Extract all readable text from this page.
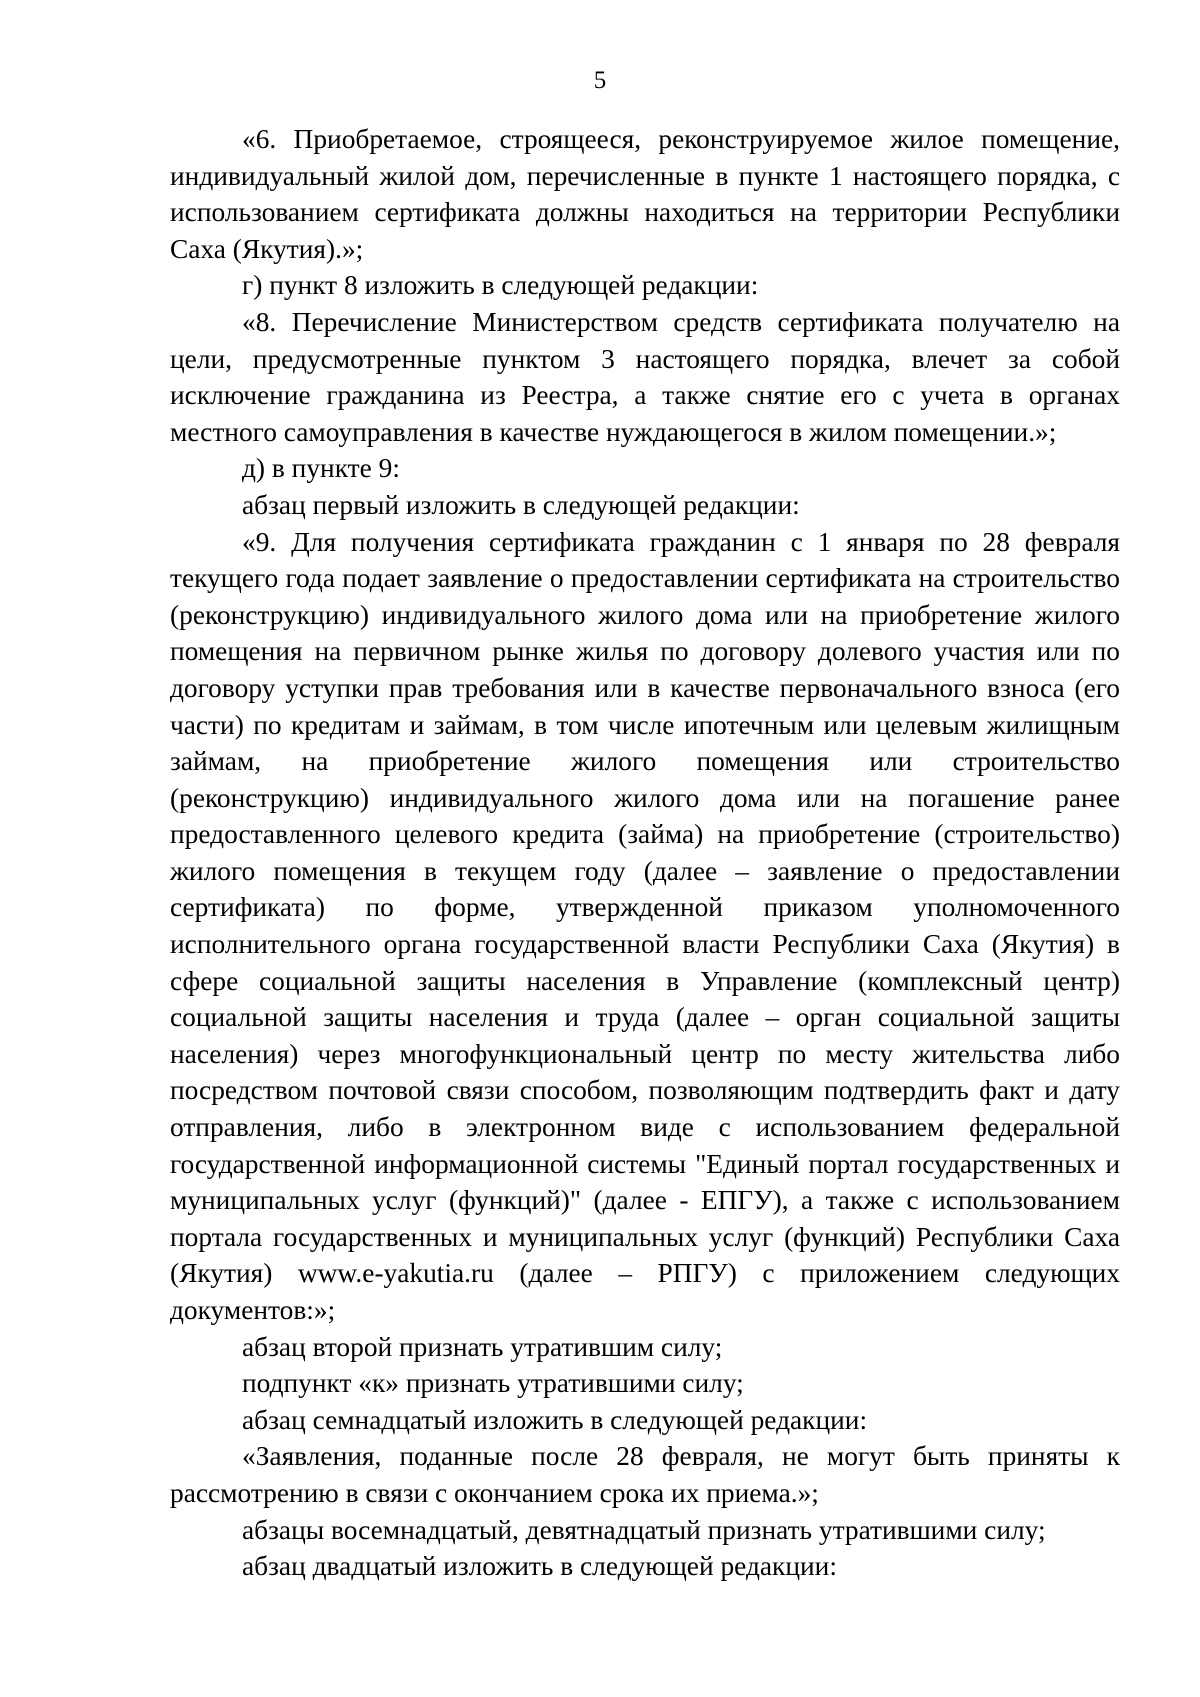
5

«6. Приобретаемое, строящееся, реконструируемое жилое помещение, индивидуальный жилой дом, перечисленные в пункте 1 настоящего порядка, с использованием сертификата должны находиться на территории Республики Саха (Якутия).»;

г) пункт 8 изложить в следующей редакции:

«8. Перечисление Министерством средств сертификата получателю на цели, предусмотренные пунктом 3 настоящего порядка, влечет за собой исключение гражданина из Реестра, а также снятие его с учета в органах местного самоуправления в качестве нуждающегося в жилом помещении.»;

д) в пункте 9:

абзац первый изложить в следующей редакции:

«9. Для получения сертификата гражданин с 1 января по 28 февраля текущего года подает заявление о предоставлении сертификата на строительство (реконструкцию) индивидуального жилого дома или на приобретение жилого помещения на первичном рынке жилья по договору долевого участия или по договору уступки прав требования или в качестве первоначального взноса (его части) по кредитам и займам, в том числе ипотечным или целевым жилищным займам, на приобретение жилого помещения или строительство (реконструкцию) индивидуального жилого дома или на погашение ранее предоставленного целевого кредита (займа) на приобретение (строительство) жилого помещения в текущем году (далее – заявление о предоставлении сертификата) по форме, утвержденной приказом уполномоченного исполнительного органа государственной власти Республики Саха (Якутия) в сфере социальной защиты населения в Управление (комплексный центр) социальной защиты населения и труда (далее – орган социальной защиты населения) через многофункциональный центр по месту жительства либо посредством почтовой связи способом, позволяющим подтвердить факт и дату отправления, либо в электронном виде с использованием федеральной государственной информационной системы "Единый портал государственных и муниципальных услуг (функций)" (далее - ЕПГУ), а также с использованием портала государственных и муниципальных услуг (функций) Республики Саха (Якутия) www.e-yakutia.ru (далее – РПГУ) с приложением следующих документов:»;

абзац второй признать утратившим силу;

подпункт «к» признать утратившими силу;

абзац семнадцатый изложить в следующей редакции:

«Заявления, поданные после 28 февраля, не могут быть приняты к рассмотрению в связи с окончанием срока их приема.»;

абзацы восемнадцатый, девятнадцатый признать утратившими силу;

абзац двадцатый изложить в следующей редакции:
